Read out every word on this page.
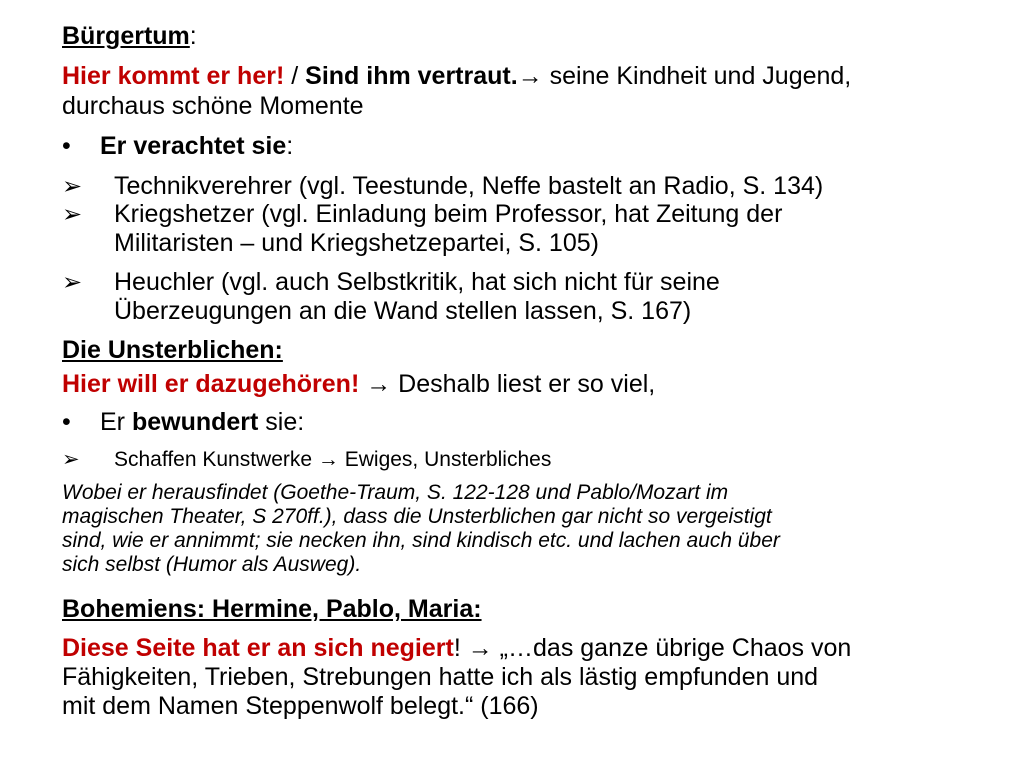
Bürgertum:
Hier kommt er her! / Sind ihm vertraut.→ seine Kindheit und Jugend,
durchaus schöne Momente
• Er verachtet sie:
➢	Technikverehrer (vgl. Teestunde, Neffe bastelt an Radio, S. 134)
➢	Kriegshetzer (vgl. Einladung beim Professor, hat Zeitung der
Militaristen – und Kriegshetzepartei, S. 105)
➢	Heuchler (vgl. auch Selbstkritik, hat sich nicht für seine
Überzeugungen an die Wand stellen lassen, S. 167)
Die Unsterblichen:
Hier will er dazugehören! → Deshalb liest er so viel,
• Er bewundert sie:
➢	Schaffen Kunstwerke → Ewiges, Unsterbliches
Wobei er herausfindet (Goethe-Traum, S. 122-128 und Pablo/Mozart im
magischen Theater, S 270ff.), dass die Unsterblichen gar nicht so vergeistigt
sind, wie er annimmt; sie necken ihn, sind kindisch etc. und lachen auch über
sich selbst (Humor als Ausweg).
Bohemiens: Hermine, Pablo, Maria:
Diese Seite hat er an sich negiert! → „…das ganze übrige Chaos von
Fähigkeiten, Trieben, Strebungen hatte ich als lästig empfunden und
mit dem Namen Steppenwolf belegt.“ (166)
